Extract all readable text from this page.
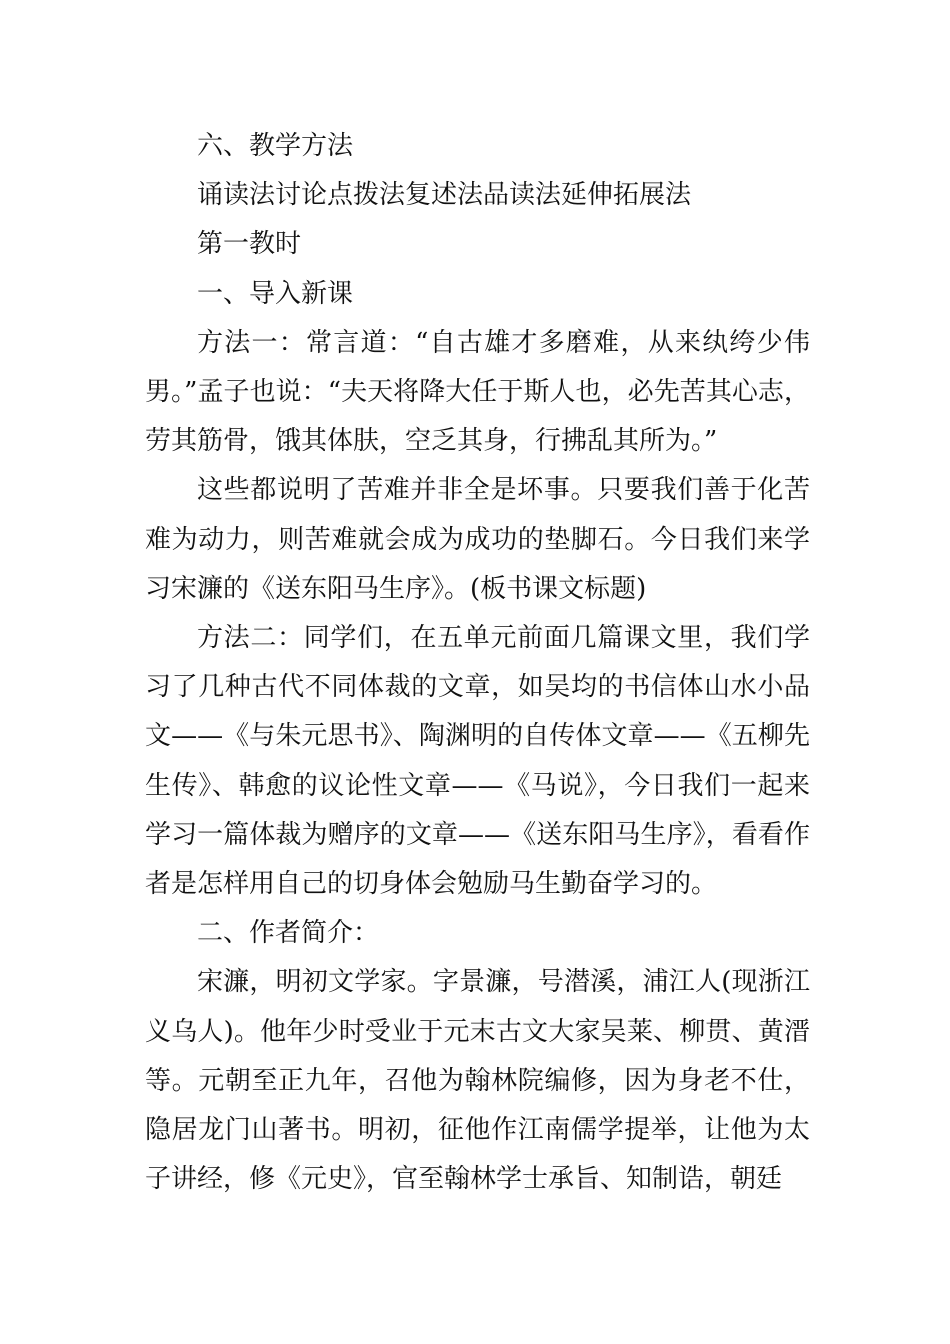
六、教学方法

诵读法讨论点拨法复述法品读法延伸拓展法

第一教时

一、导入新课

方法一：常言道：“自古雄才多磨难，从来纨绔少伟男。”孟子也说：“夫天将降大任于斯人也，必先苦其心志，劳其筋骨，饿其体肤，空乏其身，行拂乱其所为。”

这些都说明了苦难并非全是坏事。只要我们善于化苦难为动力，则苦难就会成为成功的垫脚石。今日我们来学习宋濂的《送东阳马生序》。(板书课文标题)

方法二：同学们，在五单元前面几篇课文里，我们学习了几种古代不同体裁的文章，如吴均的书信体山水小品文——《与朱元思书》、陶渊明的自传体文章——《五柳先生传》、韩愈的议论性文章——《马说》，今日我们一起来学习一篇体裁为赠序的文章——《送东阳马生序》，看看作者是怎样用自己的切身体会勉励马生勤奋学习的。

二、作者简介：

宋濂，明初文学家。字景濂，号潜溪，浦江人(现浙江义乌人)。他年少时受业于元末古文大家吴莱、柳贯、黄溍等。元朝至正九年，召他为翰林院编修，因为身老不仕，隐居龙门山著书。明初，征他作江南儒学提举，让他为太子讲经，修《元史》，官至翰林学士承旨、知制诰，朝廷
